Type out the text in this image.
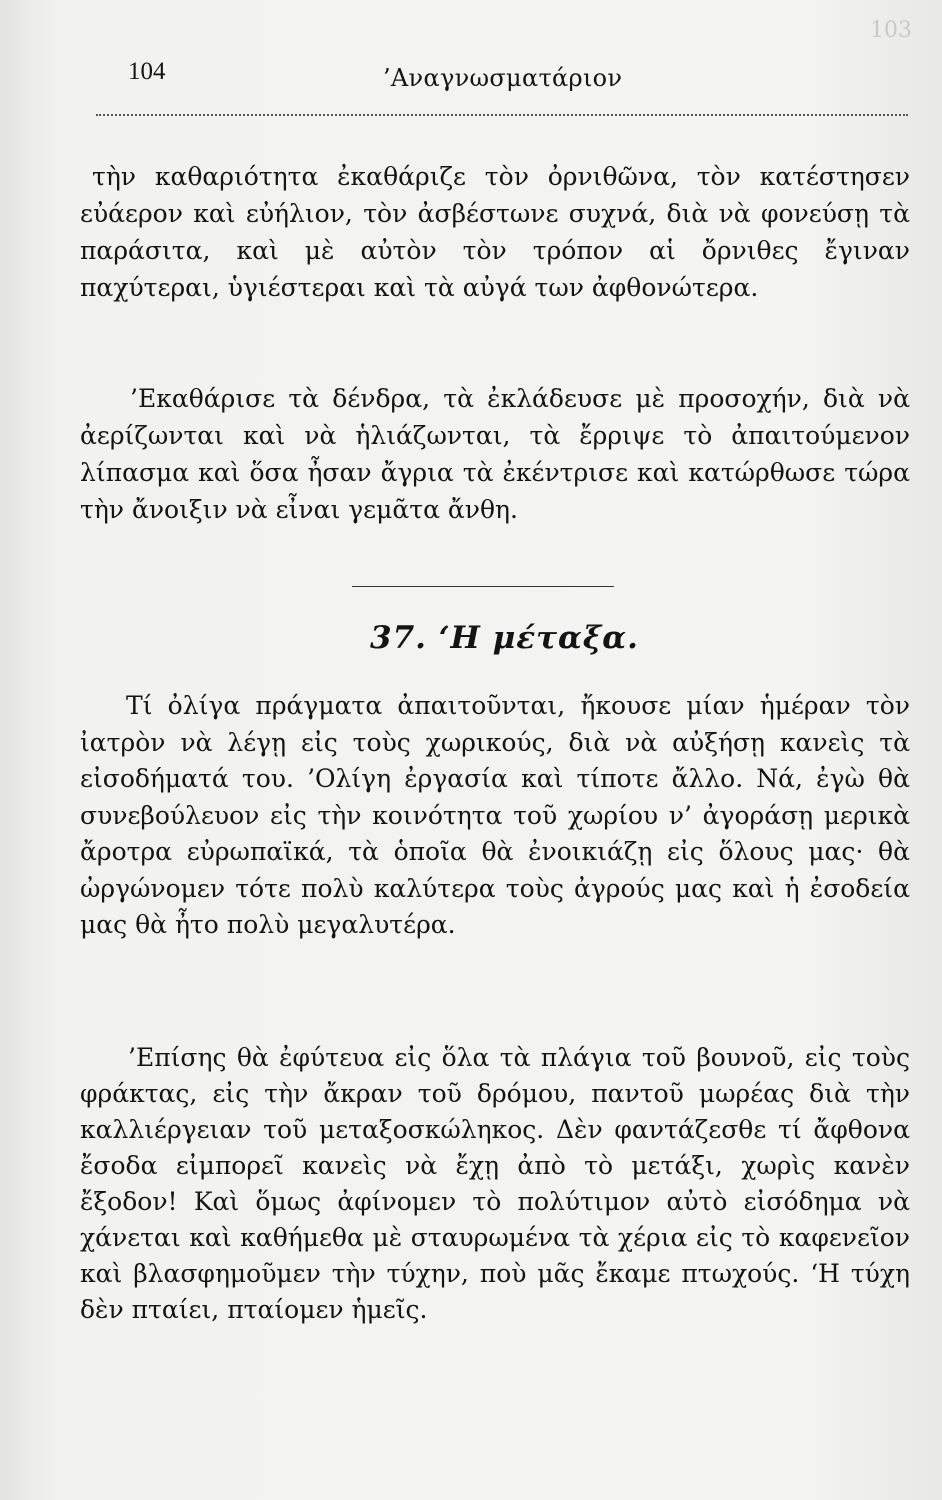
103
104	’Αναγνωσματάριον

τὴν καθαριότητα ἐκαθάριζε τὸν ὀρνιθῶνα, τὸν κατέστησεν εὐάερον καὶ εὐήλιον, τὸν ἀσβέστωνε συχνά, διὰ νὰ φονεύσῃ τὰ παράσιτα, καὶ μὲ αὐτὸν τὸν τρόπον αἱ ὄρνιθες ἔγιναν παχύτεραι, ὑγιέστεραι καὶ τὰ αὐγά των ἀφθονώτερα.

’Εκαθάρισε τὰ δένδρα, τὰ ἐκλάδευσε μὲ προσοχήν, διὰ νὰ ἀερίζωνται καὶ νὰ ἡλιάζωνται, τὰ ἔρριψε τὸ ἀπαιτούμενον λίπασμα καὶ ὅσα ἦσαν ἄγρια τὰ ἐκέντρισε καὶ κατώρθωσε τώρα τὴν ἄνοιξιν νὰ εἶναι γεμᾶτα ἄνθη.

37. ‘Η μέταξα.

Τί ὀλίγα πράγματα ἀπαιτοῦνται, ἤκουσε μίαν ἡμέραν τὸν ἰατρὸν νὰ λέγῃ εἰς τοὺς χωρικούς, διὰ νὰ αὐξήσῃ κανεὶς τὰ εἰσοδήματά του. ’Ολίγη ἐργασία καὶ τίποτε ἄλλο. Νά, ἐγὼ θὰ συνεβούλευον εἰς τὴν κοινότητα τοῦ χωρίου ν’ ἀγοράσῃ μερικὰ ἄροτρα εὐρωπαϊκά, τὰ ὁποῖα θὰ ἐνοικιάζῃ εἰς ὅλους μας· θὰ ὠργώνομεν τότε πολὺ καλύτερα τοὺς ἀγρούς μας καὶ ἡ ἐσοδεία μας θὰ ἦτο πολὺ μεγαλυτέρα.

’Επίσης θὰ ἐφύτευα εἰς ὅλα τὰ πλάγια τοῦ βουνοῦ, εἰς τοὺς φράκτας, εἰς τὴν ἄκραν τοῦ δρόμου, παντοῦ μωρέας διὰ τὴν καλλιέργειαν τοῦ μεταξοσκώληκος. Δὲν φαντάζεσθε τί ἄφθονα ἔσοδα εἰμπορεῖ κανεὶς νὰ ἔχῃ ἀπὸ τὸ μετάξι, χωρὶς κανὲν ἔξοδον! Καὶ ὅμως ἀφίνομεν τὸ πολύτιμον αὐτὸ εἰσόδημα νὰ χάνεται καὶ καθήμεθα μὲ σταυρωμένα τὰ χέρια εἰς τὸ καφενεῖον καὶ βλασφημοῦμεν τὴν τύχην, ποὺ μᾶς ἔκαμε πτωχούς. ‘Η τύχη δὲν πταίει, πταίομεν ἡμεῖς.
